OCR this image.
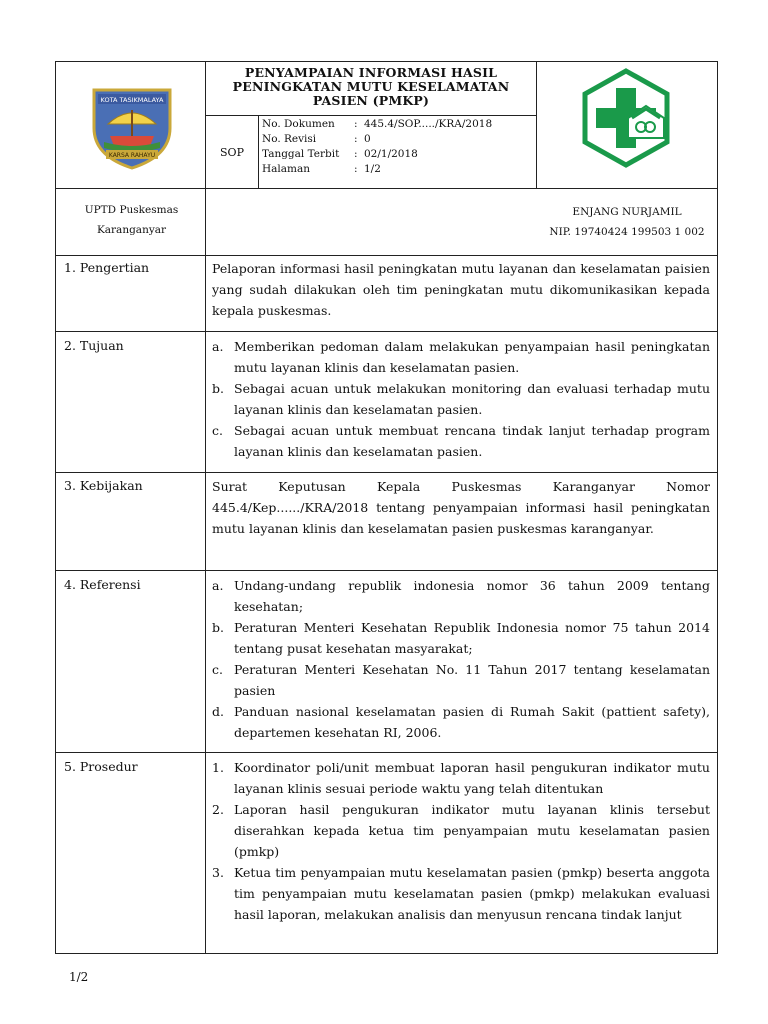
KOTA TASIKMALAYA
KARSA RAHAYU
PENYAMPAIAN INFORMASI HASIL PENINGKATAN MUTU KESELAMATAN PASIEN (PMKP)
SOP
No. Dokumen : 445.4/SOP...../KRA/2018
No. Revisi	: 0
Tanggal Terbit : 02/1/2018
Halaman	: 1/2
UPTD Puskesmas
Karanganyar
ENJANG NURJAMIL
NIP. 19740424 199503 1 002
1. Pengertian	Pelaporan informasi hasil peningkatan mutu layanan dan keselamatan paisien yang sudah dilakukan oleh tim peningkatan mutu dikomunikasikan kepada kepala puskesmas.
2. Tujuan	a. Memberikan pedoman dalam melakukan penyampaian hasil peningkatan mutu layanan klinis dan keselamatan pasien.
b. Sebagai acuan untuk melakukan monitoring dan evaluasi terhadap mutu layanan klinis dan keselamatan pasien.
c. Sebagai acuan untuk membuat rencana tindak lanjut terhadap program layanan klinis dan keselamatan pasien.
3. Kebijakan	Surat Keputusan Kepala Puskesmas Karanganyar Nomor 445.4/Kep....../KRA/2018 tentang penyampaian informasi hasil peningkatan mutu layanan klinis dan keselamatan pasien puskesmas karanganyar.
4. Referensi	a. Undang-undang republik indonesia nomor 36 tahun 2009 tentang kesehatan;
b. Peraturan Menteri Kesehatan Republik Indonesia nomor 75 tahun 2014 tentang pusat kesehatan masyarakat;
c. Peraturan Menteri Kesehatan No. 11 Tahun 2017 tentang keselamatan pasien
d. Panduan nasional keselamatan pasien di Rumah Sakit (pattient safety), departemen kesehatan RI, 2006.
5. Prosedur	1. Koordinator poli/unit membuat laporan hasil pengukuran indikator mutu layanan klinis sesuai periode waktu yang telah ditentukan
2. Laporan hasil pengukuran indikator mutu layanan klinis tersebut diserahkan kepada ketua tim penyampaian mutu keselamatan pasien (pmkp)
3. Ketua tim penyampaian mutu keselamatan pasien (pmkp) beserta anggota tim penyampaian mutu keselamatan pasien (pmkp) melakukan evaluasi hasil laporan, melakukan analisis dan menyusun rencana tindak lanjut
1/2
